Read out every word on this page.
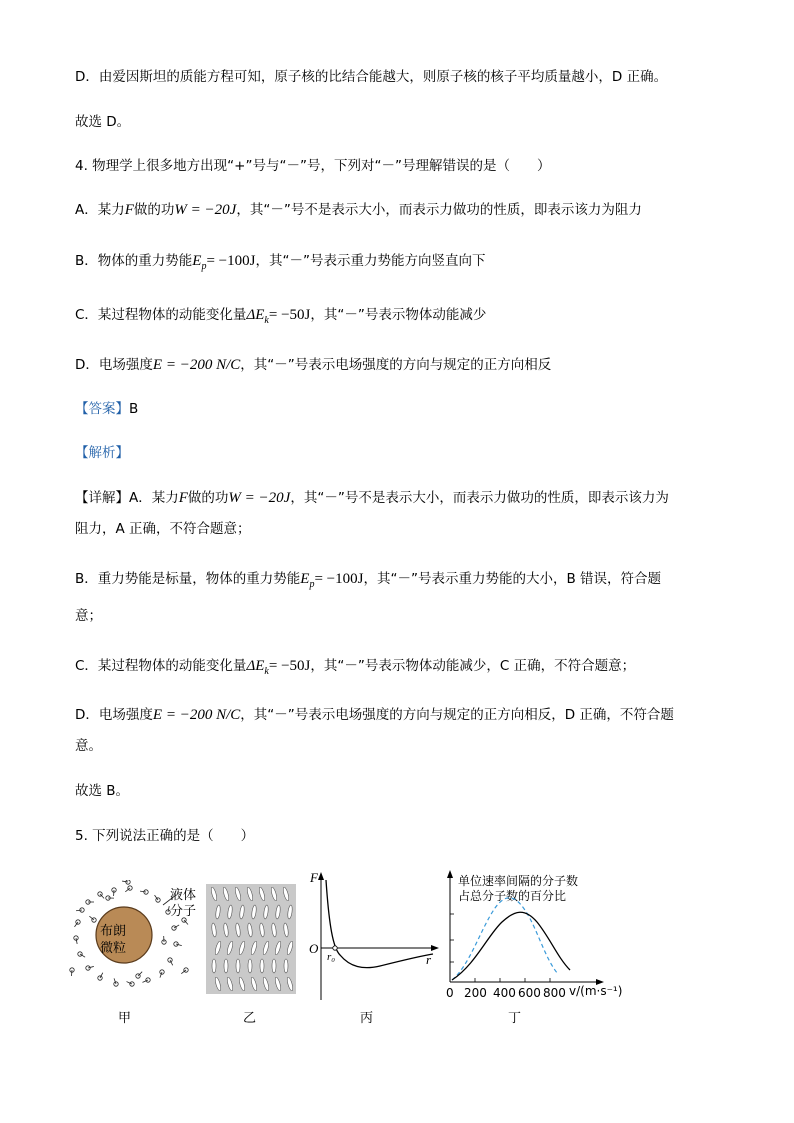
D．由爱因斯坦的质能方程可知，原子核的比结合能越大，则原子核的核子平均质量越小，D 正确。
故选 D。
4. 物理学上很多地方出现“+”号与“－”号，下列对“－”号理解错误的是（　　）
A．某力F做的功W = −20J，其“－”号不是表示大小，而表示力做功的性质，即表示该力为阻力
B．物体的重力势能$E_p= -100J$，其“－”号表示重力势能方向竖直向下
C．某过程物体的动能变化量$\Delta E_k= -50J$，其“－”号表示物体动能减少
D．电场强度E = −200 N/C，其“－”号表示电场强度的方向与规定的正方向相反
【答案】B
【解析】
【详解】A．某力F做的功W = −20J，其“－”号不是表示大小，而表示力做功的性质，即表示该力为
阻力，A 正确，不符合题意；
B．重力势能是标量，物体的重力势能$E_p= -100J$，其“－”号表示重力势能的大小，B 错误，符合题
意；
C．某过程物体的动能变化量$\Delta E_k= -50J$，其“－”号表示物体动能减少，C 正确，不符合题意；
D．电场强度E = −200 N/C，其“－”号表示电场强度的方向与规定的正方向相反，D 正确，不符合题
意。
故选 B。
5. 下列说法正确的是（　　）
液体
分子
布朗
微粒
甲	乙
F
O
r₀	r
丙
单位速率间隔的分子数
占总分子数的百分比
0 200 400 600 800 v/(m·s⁻¹)
丁
